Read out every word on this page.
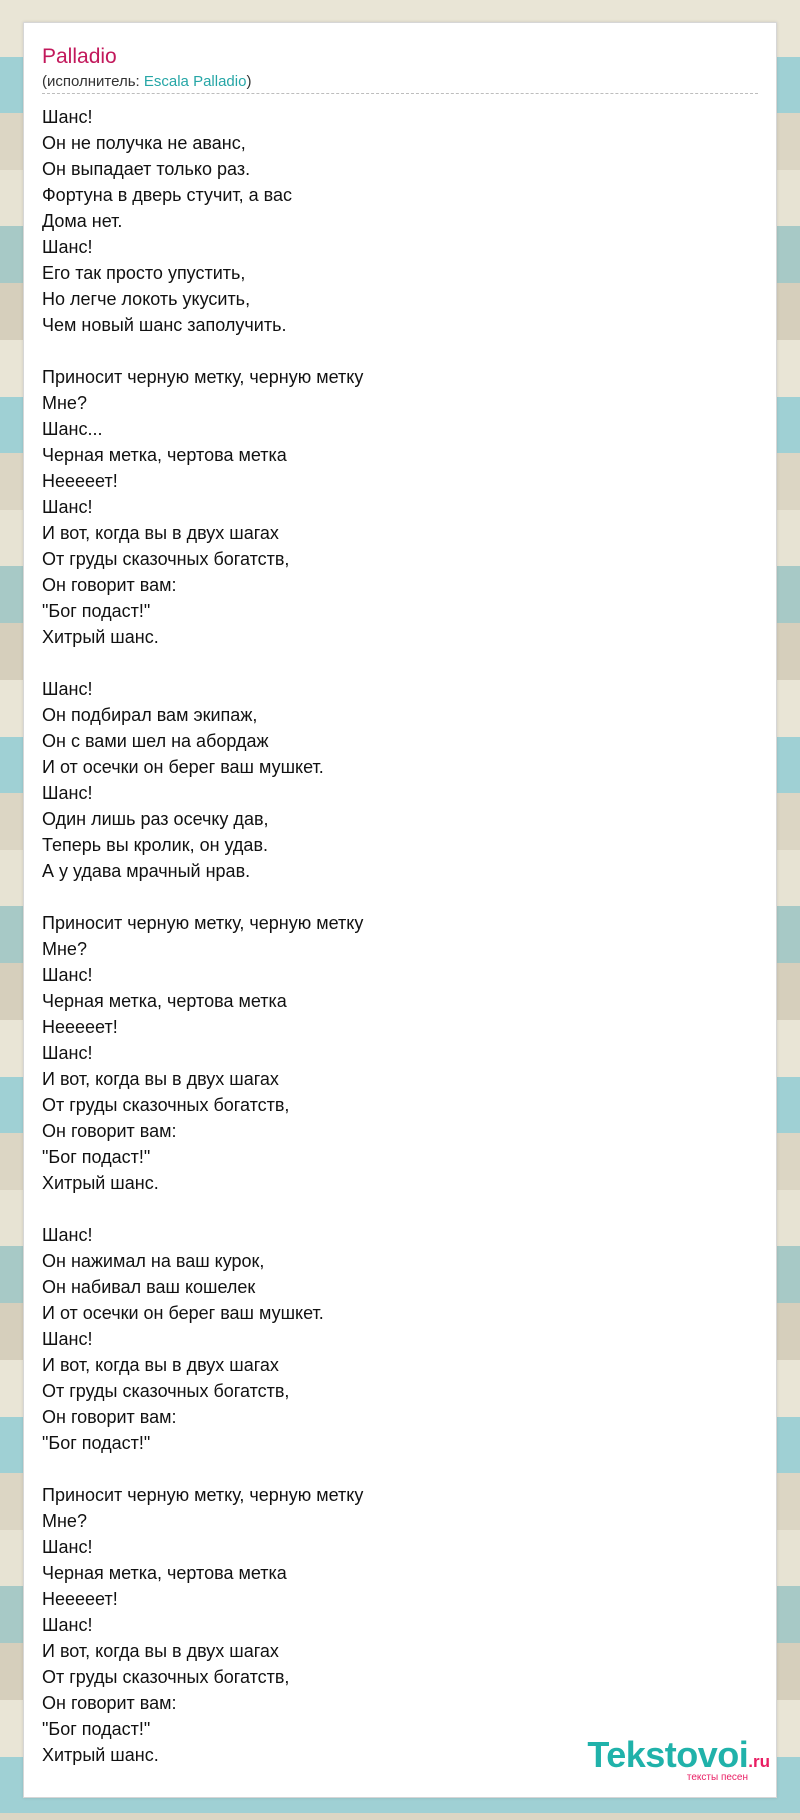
Palladio
(исполнитель: Escala Palladio)
Шанс!
Он не получка не аванс,
Он выпадает только раз.
Фортуна в дверь стучит, а вас
Дома нет.
Шанс!
Его так просто упустить,
Но легче локоть укусить,
Чем новый шанс заполучить.

Приносит черную метку, черную метку
Мне?
Шанс...
Черная метка, чертова метка
Нееееет!
Шанс!
И вот, когда вы в двух шагах
От груды сказочных богатств,
Он говорит вам:
"Бог подаст!"
Хитрый шанс.

Шанс!
Он подбирал вам экипаж,
Он с вами шел на абордаж
И от осечки он берег ваш мушкет.
Шанс!
Один лишь раз осечку дав,
Теперь вы кролик, он удав.
А у удава мрачный нрав.

Приносит черную метку, черную метку
Мне?
Шанс!
Черная метка, чертова метка
Нееееет!
Шанс!
И вот, когда вы в двух шагах
От груды сказочных богатств,
Он говорит вам:
"Бог подаст!"
Хитрый шанс.

Шанс!
Он нажимал на ваш курок,
Он набивал ваш кошелек
И от осечки он берег ваш мушкет.
Шанс!
И вот, когда вы в двух шагах
От груды сказочных богатств,
Он говорит вам:
"Бог подаст!"

Приносит черную метку, черную метку
Мне?
Шанс!
Черная метка, чертова метка
Нееееет!
Шанс!
И вот, когда вы в двух шагах
От груды сказочных богатств,
Он говорит вам:
"Бог подаст!"
Хитрый шанс.	Tekstovoi.ru
тексты песен
